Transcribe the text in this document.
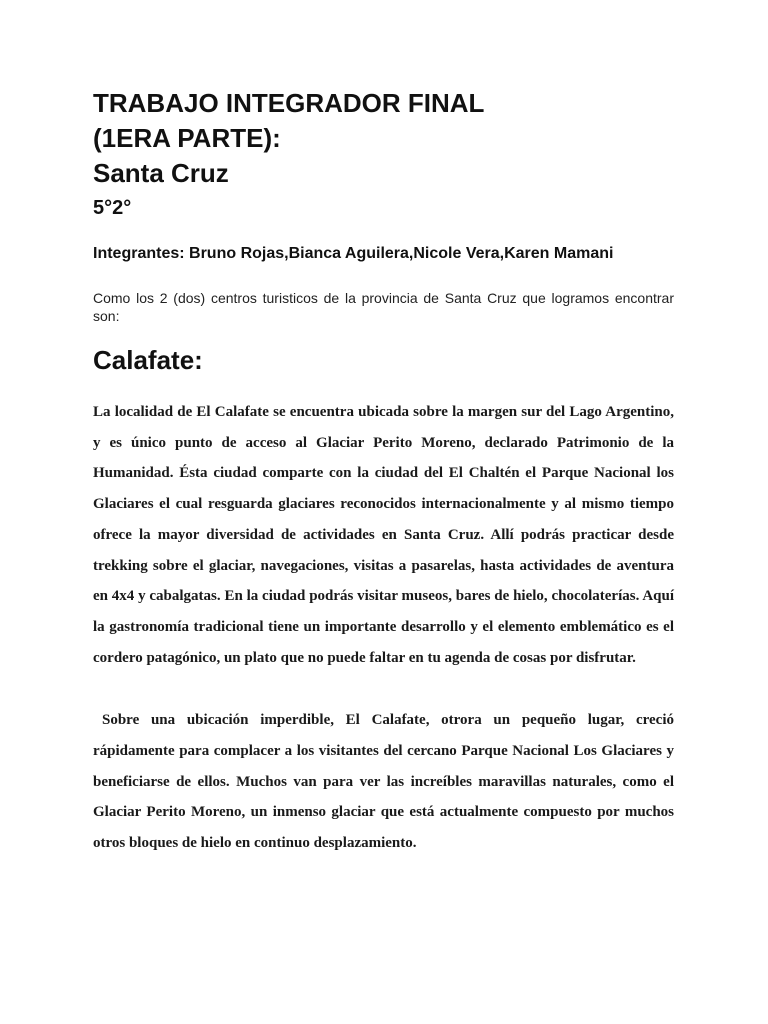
TRABAJO INTEGRADOR FINAL
(1ERA PARTE):
Santa Cruz
5°2°

Integrantes: Bruno Rojas,Bianca Aguilera,Nicole Vera,Karen Mamani

Como los 2 (dos) centros turisticos de la provincia de Santa Cruz que logramos encontrar son:

Calafate:

La localidad de El Calafate se encuentra ubicada sobre la margen sur del Lago Argentino, y es único punto de acceso al Glaciar Perito Moreno, declarado Patrimonio de la Humanidad. Ésta ciudad comparte con la ciudad del El Chaltén el Parque Nacional los Glaciares el cual resguarda glaciares reconocidos internacionalmente y al mismo tiempo ofrece la mayor diversidad de actividades en Santa Cruz. Allí podrás practicar desde trekking sobre el glaciar, navegaciones, visitas a pasarelas, hasta actividades de aventura en 4x4 y cabalgatas. En la ciudad podrás visitar museos, bares de hielo, chocolaterías. Aquí la gastronomía tradicional tiene un importante desarrollo y el elemento emblemático es el cordero patagónico, un plato que no puede faltar en tu agenda de cosas por disfrutar.

Sobre una ubicación imperdible, El Calafate, otrora un pequeño lugar, creció rápidamente para complacer a los visitantes del cercano Parque Nacional Los Glaciares y beneficiarse de ellos. Muchos van para ver las increíbles maravillas naturales, como el Glaciar Perito Moreno, un inmenso glaciar que está actualmente compuesto por muchos otros bloques de hielo en continuo desplazamiento.
